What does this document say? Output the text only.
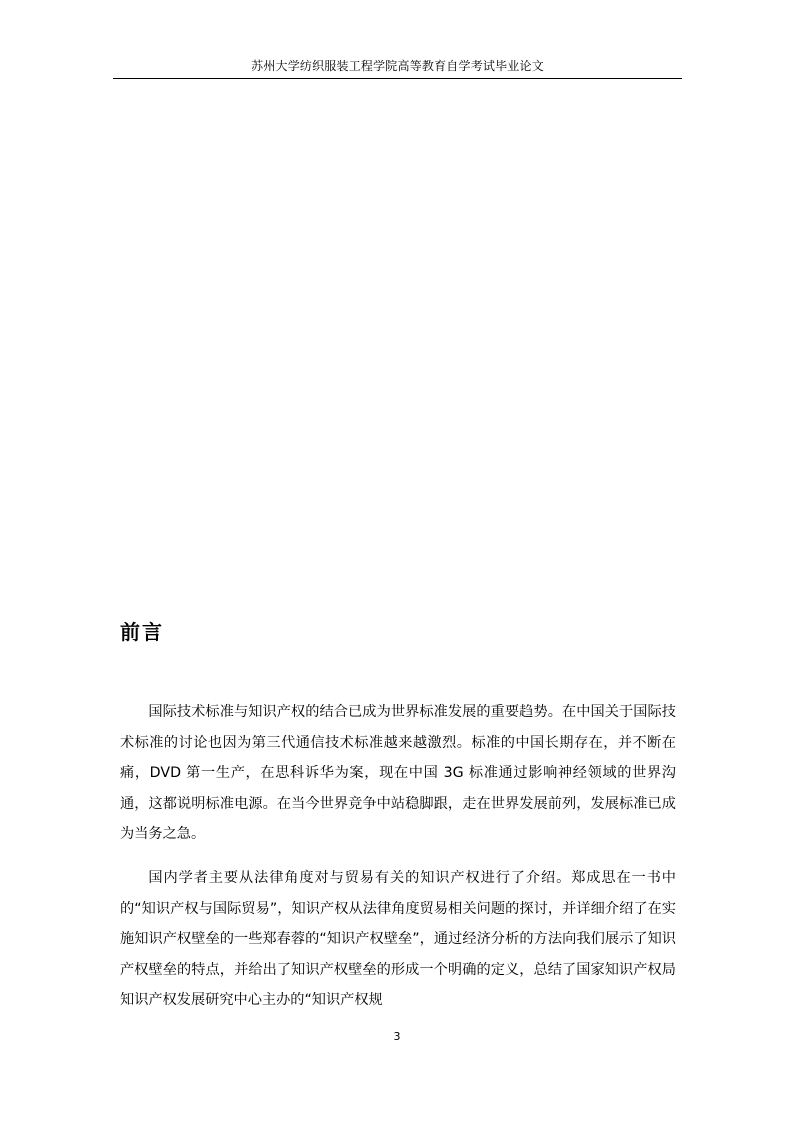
苏州大学纺织服装工程学院高等教育自学考试毕业论文
前言

国际技术标准与知识产权的结合已成为世界标准发展的重要趋势。在中国关于国际技术标准的讨论也因为第三代通信技术标准越来越激烈。标准的中国长期存在，并不断在痛，DVD 第一生产，在思科诉华为案，现在中国 3G 标准通过影响神经领域的世界沟通，这都说明标准电源。在当今世界竞争中站稳脚跟，走在世界发展前列，发展标准已成为当务之急。

国内学者主要从法律角度对与贸易有关的知识产权进行了介绍。郑成思在一书中的“知识产权与国际贸易”，知识产权从法律角度贸易相关问题的探讨，并详细介绍了在实施知识产权壁垒的一些郑春蓉的“知识产权壁垒”，通过经济分析的方法向我们展示了知识产权壁垒的特点，并给出了知识产权壁垒的形成一个明确的定义，总结了国家知识产权局知识产权发展研究中心主办的“知识产权规

3
